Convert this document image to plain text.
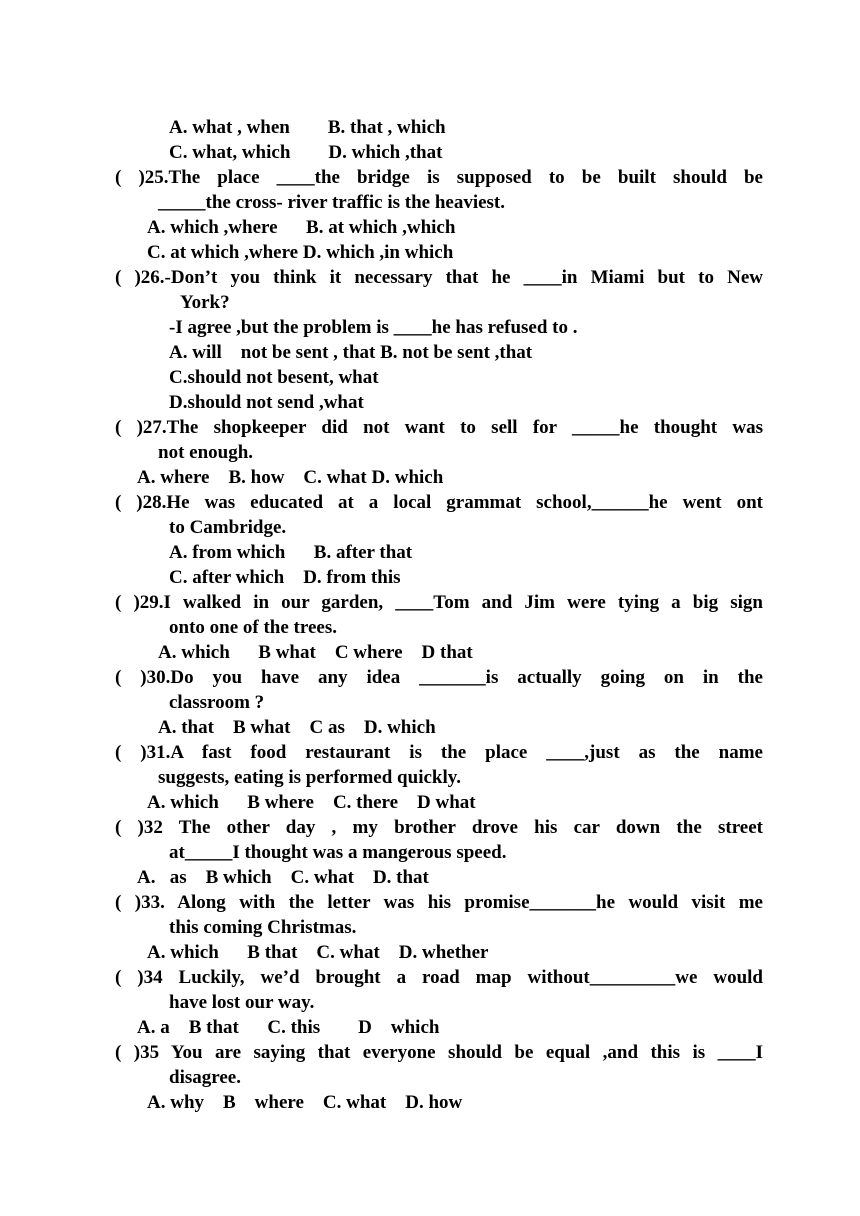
A. what , when        B. that , which
C. what, which        D. which ,that
( )25.The place ____the bridge is supposed to be built should be
_____the cross- river traffic is the heaviest.
A. which ,where      B. at which ,which
C. at which ,where D. which ,in which
( )26.-Don’t you think it necessary that he ____in Miami but to New
York?
-I agree ,but the problem is ____he has refused to .
A. will    not be sent , that B. not be sent ,that
C.should not besent, what
D.should not send ,what
( )27.The shopkeeper did not want to sell for _____he thought was
not enough.
A. where    B. how    C. what D. which
( )28.He was educated at a local grammat school,______he went ont
to Cambridge.
A. from which      B. after that
C. after which    D. from this
( )29.I walked in our garden, ____Tom and Jim were tying a big sign
onto one of the trees.
A. which      B what    C where    D that
( )30.Do you have any idea _______is actually going on in the
classroom ?
A. that    B what    C as    D. which
( )31.A fast food restaurant is the place ____,just as the name
suggests, eating is performed quickly.
A. which      B where    C. there    D what
( )32 The other day , my brother drove his car down the street
at_____I thought was a mangerous speed.
A.   as    B which    C. what    D. that
( )33. Along with the letter was his promise_______he would visit me
this coming Christmas.
A. which      B that    C. what    D. whether
( )34 Luckily, we’d brought a road map without_________we would
have lost our way.
A. a    B that      C. this        D    which
( )35 You are saying that everyone should be equal ,and this is ____I
disagree.
A. why    B    where    C. what    D. how
